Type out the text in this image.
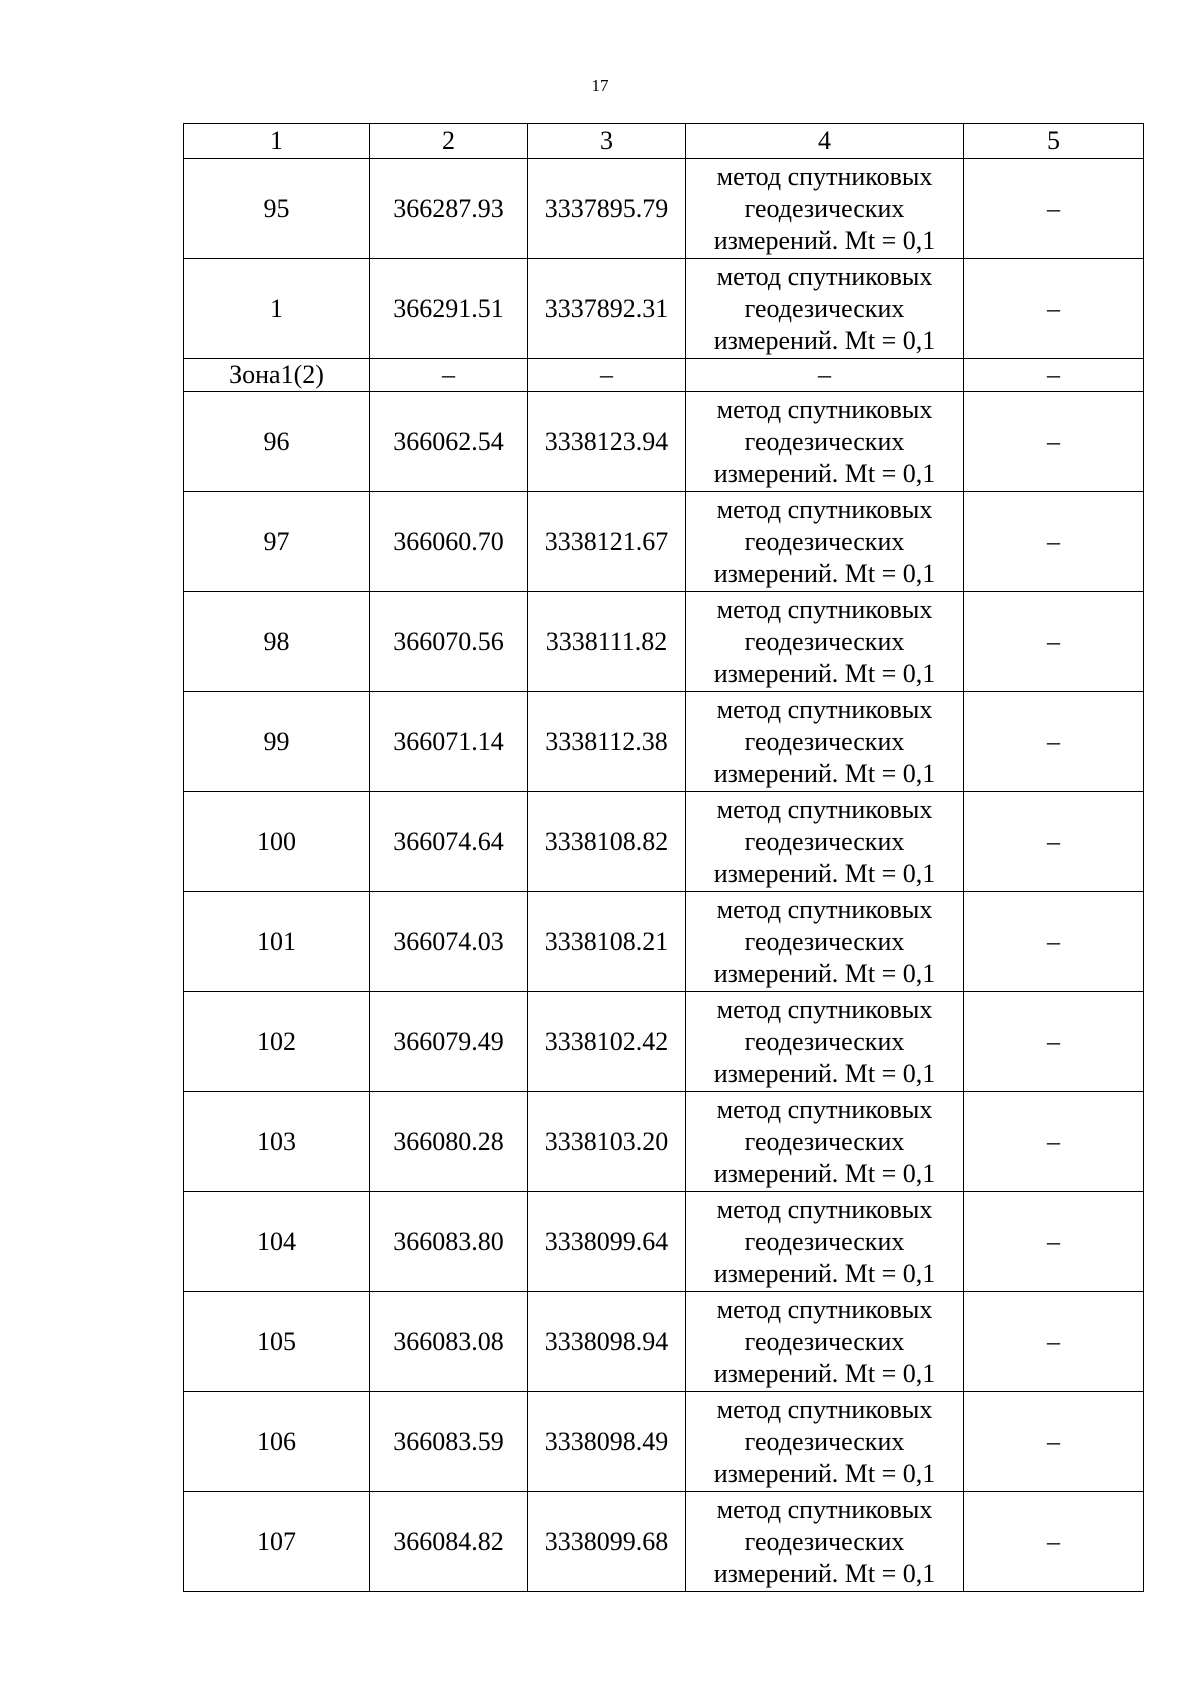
17
1	2	3	4	5
95	366287.93	3337895.79	метод спутниковых
геодезических
измерений. Mt = 0,1	–
1	366291.51	3337892.31	метод спутниковых
геодезических
измерений. Mt = 0,1	–
Зона1(2)	–	–	–	–
96	366062.54	3338123.94	метод спутниковых
геодезических
измерений. Mt = 0,1	–
97	366060.70	3338121.67	метод спутниковых
геодезических
измерений. Mt = 0,1	–
98	366070.56	3338111.82	метод спутниковых
геодезических
измерений. Mt = 0,1	–
99	366071.14	3338112.38	метод спутниковых
геодезических
измерений. Mt = 0,1	–
100	366074.64	3338108.82	метод спутниковых
геодезических
измерений. Mt = 0,1	–
101	366074.03	3338108.21	метод спутниковых
геодезических
измерений. Mt = 0,1	–
102	366079.49	3338102.42	метод спутниковых
геодезических
измерений. Mt = 0,1	–
103	366080.28	3338103.20	метод спутниковых
геодезических
измерений. Mt = 0,1	–
104	366083.80	3338099.64	метод спутниковых
геодезических
измерений. Mt = 0,1	–
105	366083.08	3338098.94	метод спутниковых
геодезических
измерений. Mt = 0,1	–
106	366083.59	3338098.49	метод спутниковых
геодезических
измерений. Mt = 0,1	–
107	366084.82	3338099.68	метод спутниковых
геодезических
измерений. Mt = 0,1	–
